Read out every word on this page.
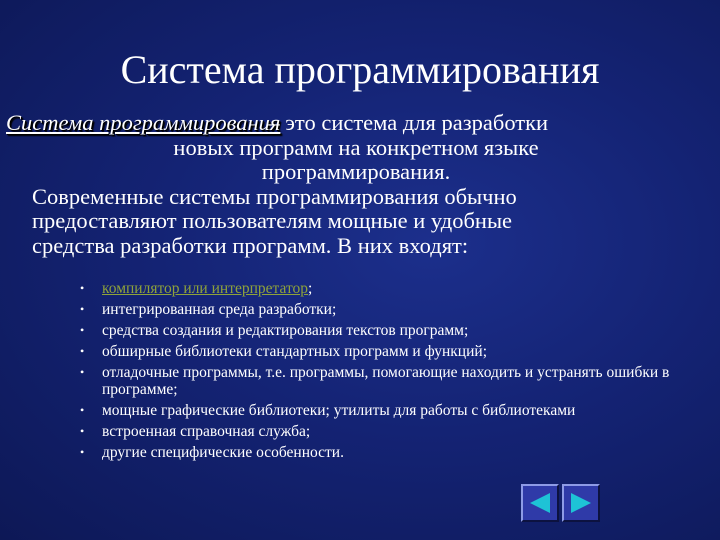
Система программирования
Система программирования– это система для разработки
новых программ на конкретном языке
программирования.
Современные системы программирования обычно
предоставляют пользователям мощные и удобные
средства разработки программ. В них входят:
• компилятор или интерпретатор;
• интегрированная среда разработки;
• средства создания и редактирования текстов программ;
• обширные библиотеки стандартных программ и функций;
• отладочные программы, т.е. программы, помогающие находить и устранять ошибки в программе;
• мощные графические библиотеки; утилиты для работы с библиотеками
• встроенная справочная служба;
• другие специфические особенности.
